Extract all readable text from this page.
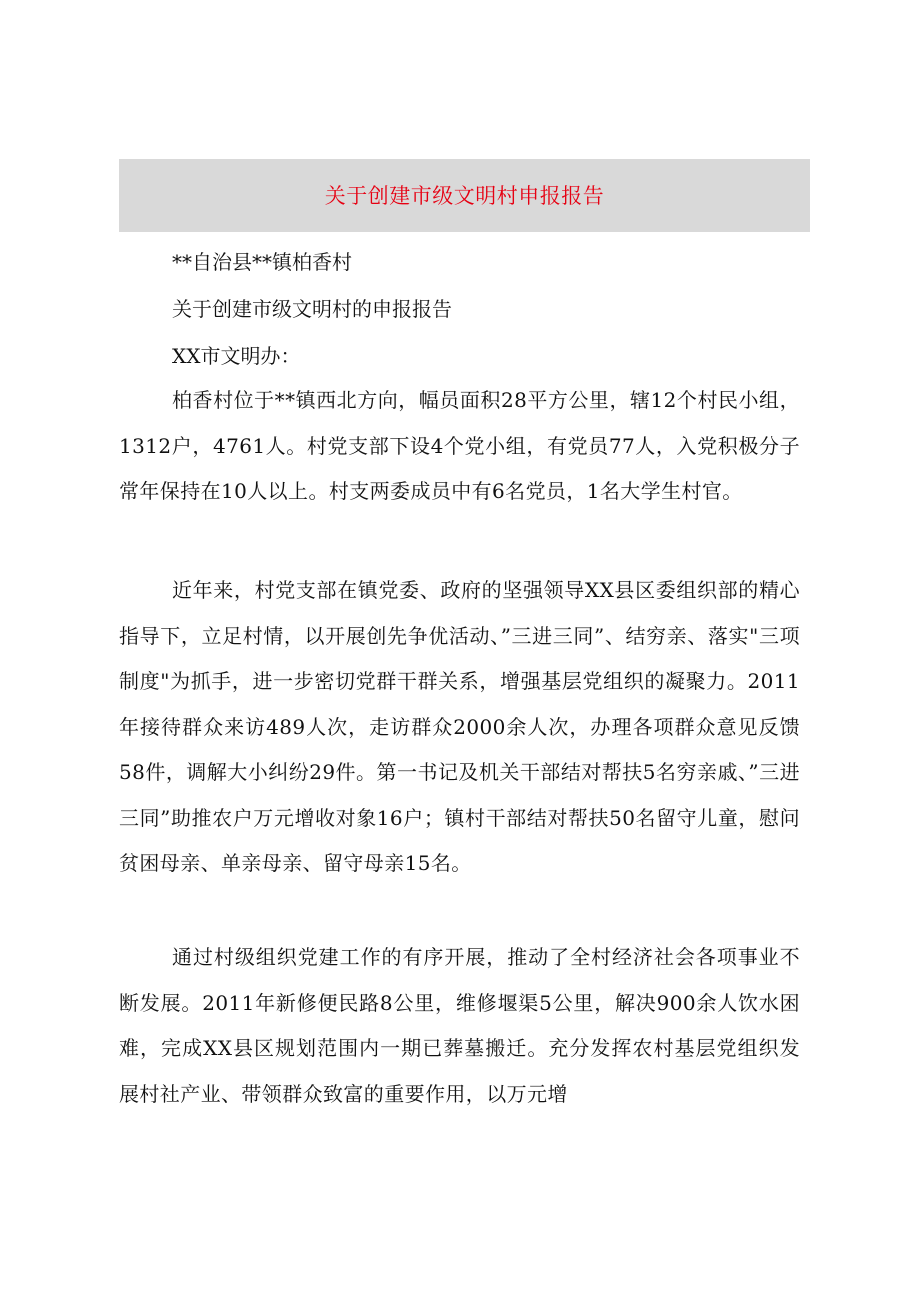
关于创建市级文明村申报报告
**自治县**镇柏香村
关于创建市级文明村的申报报告
XX市文明办：

柏香村位于**镇西北方向，幅员面积28平方公里，辖12个村民小组，1312户，4761人。村党支部下设4个党小组，有党员77人，入党积极分子常年保持在10人以上。村支两委成员中有6名党员，1名大学生村官。

近年来，村党支部在镇党委、政府的坚强领导XX县区委组织部的精心指导下，立足村情，以开展创先争优活动、”三进三同”、结穷亲、落实"三项制度"为抓手，进一步密切党群干群关系，增强基层党组织的凝聚力。2011年接待群众来访489人次，走访群众2000余人次，办理各项群众意见反馈58件，调解大小纠纷29件。第一书记及机关干部结对帮扶5名穷亲戚、”三进三同”助推农户万元增收对象16户；镇村干部结对帮扶50名留守儿童，慰问贫困母亲、单亲母亲、留守母亲15名。

通过村级组织党建工作的有序开展，推动了全村经济社会各项事业不断发展。2011年新修便民路8公里，维修堰渠5公里，解决900余人饮水困难，完成XX县区规划范围内一期已葬墓搬迁。充分发挥农村基层党组织发展村社产业、带领群众致富的重要作用，以万元增
